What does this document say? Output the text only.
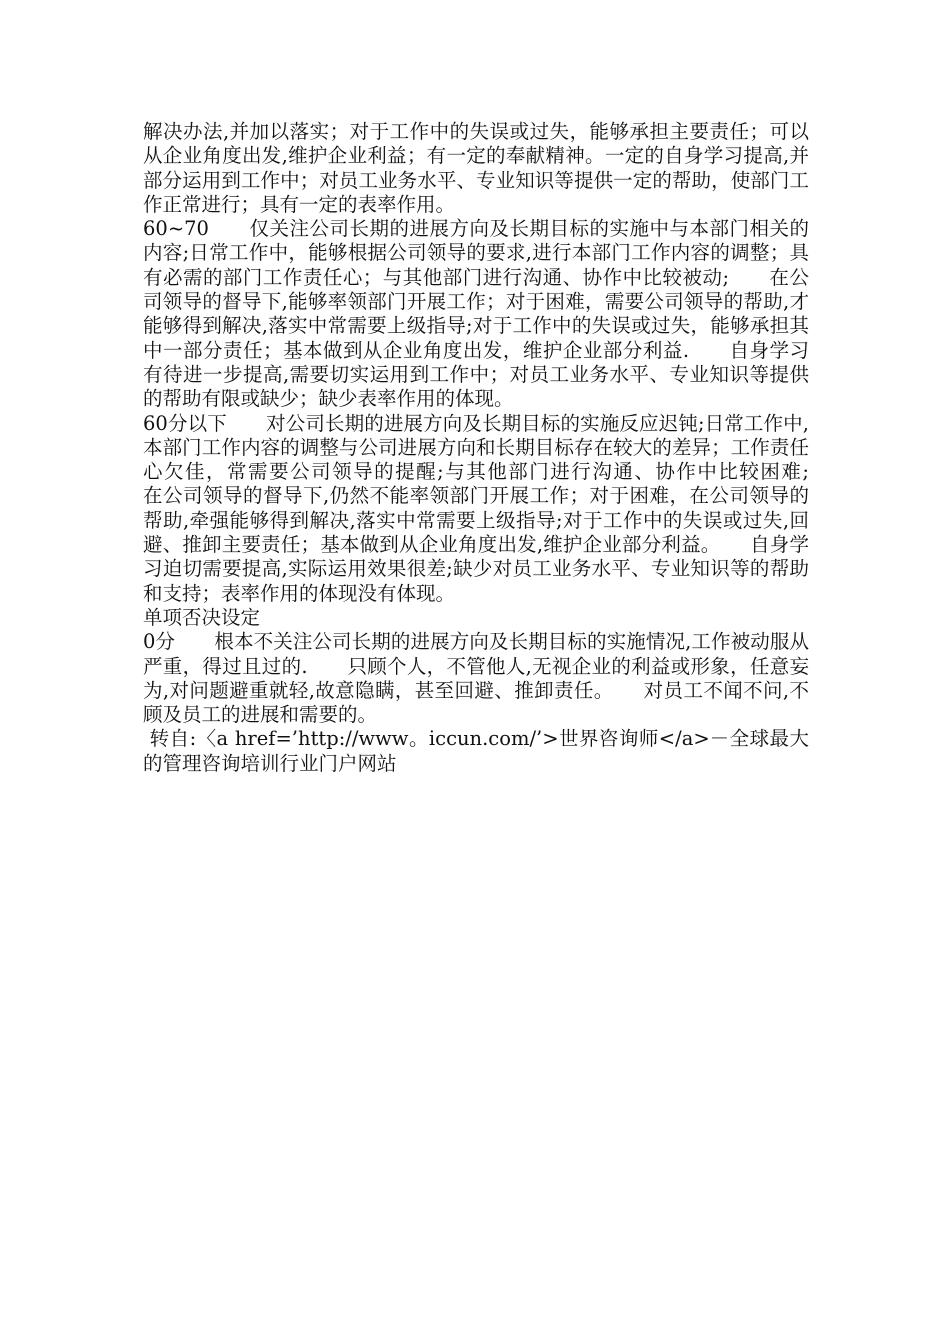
解决办法,并加以落实；对于工作中的失误或过失，能够承担主要责任；可以从企业角度出发,维护企业利益；有一定的奉献精神。一定的自身学习提高,并部分运用到工作中；对员工业务水平、专业知识等提供一定的帮助，使部门工作正常进行；具有一定的表率作用。

60~70　　仅关注公司长期的进展方向及长期目标的实施中与本部门相关的内容;日常工作中，能够根据公司领导的要求,进行本部门工作内容的调整；具有必需的部门工作责任心；与其他部门进行沟通、协作中比较被动;　　在公司领导的督导下,能够率领部门开展工作；对于困难，需要公司领导的帮助,才能够得到解决,落实中常需要上级指导;对于工作中的失误或过失，能够承担其中一部分责任；基本做到从企业角度出发，维护企业部分利益.　　自身学习有待进一步提高,需要切实运用到工作中；对员工业务水平、专业知识等提供的帮助有限或缺少；缺少表率作用的体现。

60分以下　　对公司长期的进展方向及长期目标的实施反应迟钝;日常工作中,本部门工作内容的调整与公司进展方向和长期目标存在较大的差异；工作责任心欠佳，常需要公司领导的提醒;与其他部门进行沟通、协作中比较困难;　　在公司领导的督导下,仍然不能率领部门开展工作；对于困难，在公司领导的帮助,牵强能够得到解决,落实中常需要上级指导;对于工作中的失误或过失,回避、推卸主要责任；基本做到从企业角度出发,维护企业部分利益。　　自身学习迫切需要提高,实际运用效果很差;缺少对员工业务水平、专业知识等的帮助和支持；表率作用的体现没有体现。

单项否决设定

0分　　根本不关注公司长期的进展方向及长期目标的实施情况,工作被动服从严重，得过且过的.　　只顾个人，不管他人,无视企业的利益或形象，任意妄为,对问题避重就轻,故意隐瞒，甚至回避、推卸责任。　　对员工不闻不问,不顾及员工的进展和需要的。

转自:〈a href=’http://www。iccun.com/’>世界咨询师</a>－全球最大的管理咨询培训行业门户网站
